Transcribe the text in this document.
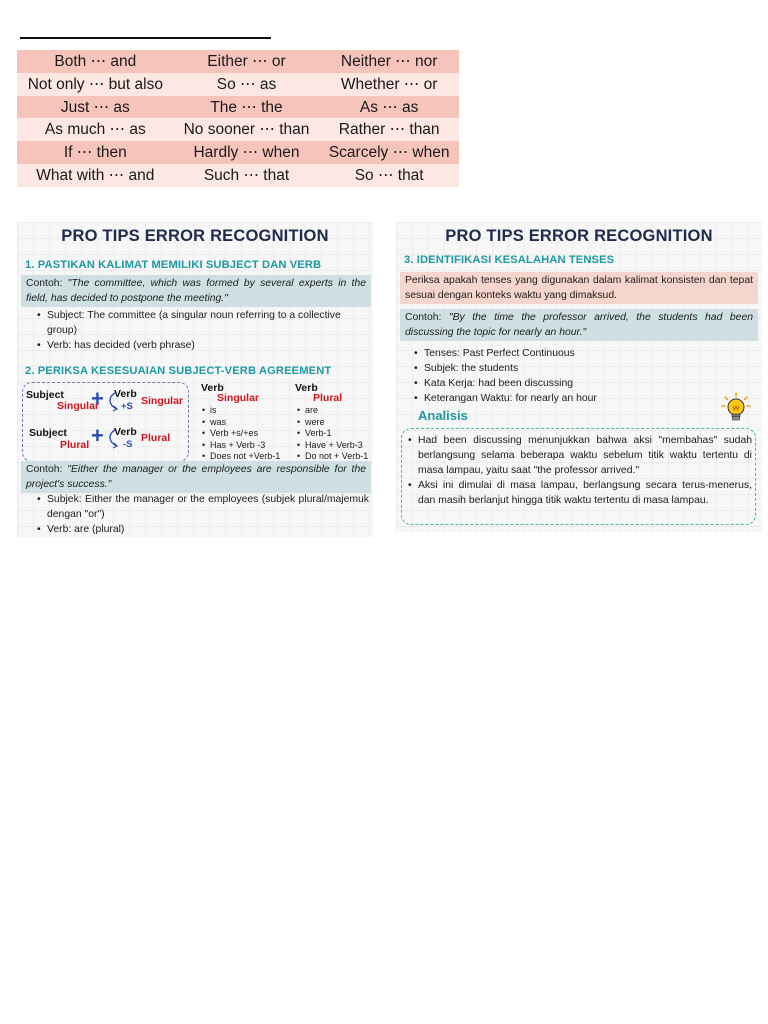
Both ⋯ and	Either ⋯ or	Neither ⋯ nor
Not only ⋯ but also	So ⋯ as	Whether ⋯ or
Just ⋯ as	The ⋯ the	As ⋯ as
As much ⋯ as	No sooner ⋯ than	Rather ⋯ than
If ⋯ then	Hardly ⋯ when	Scarcely ⋯ when
What with ⋯ and	Such ⋯ that	So ⋯ that
PRO TIPS ERROR RECOGNITION
1. PASTIKAN KALIMAT MEMILIKI SUBJECT DAN VERB
Contoh: "The committee, which was formed by several experts in the field, has decided to postpone the meeting."
• Subject: The committee (a singular noun referring to a collective group)
• Verb: has decided (verb phrase)
2. PERIKSA KESESUAIAN SUBJECT-VERB AGREEMENT
Subject
Singular
+ Verb
+S Singular
Subject
Plural + Verb
-S
Plural
Verb
Singular
• is
• was
• Verb +s/+es
• Has + Verb -3
• Does not +Verb-1
Verb
Plural
• are
• were
• Verb-1
• Have + Verb-3
• Do not + Verb-1
Contoh: "Either the manager or the employees are responsible for the project's success."
• Subjek: Either the manager or the employees (subjek plural/majemuk dengan "or")
• Verb: are (plural)
PRO TIPS ERROR RECOGNITION
3. IDENTIFIKASI KESALAHAN TENSES
Periksa apakah tenses yang digunakan dalam kalimat konsisten dan tepat sesuai dengan konteks waktu yang dimaksud.
Contoh: "By the time the professor arrived, the students had been discussing the topic for nearly an hour."
• Tenses: Past Perfect Continuous
• Subjek: the students
• Kata Kerja: had been discussing
• Keterangan Waktu: for nearly an hour
Analisis
• Had been discussing menunjukkan bahwa aksi "membahas" sudah berlangsung selama beberapa waktu sebelum titik waktu tertentu di masa lampau, yaitu saat "the professor arrived."
• Aksi ini dimulai di masa lampau, berlangsung secara terus-menerus, dan masih berlanjut hingga titik waktu tertentu di masa lampau.
